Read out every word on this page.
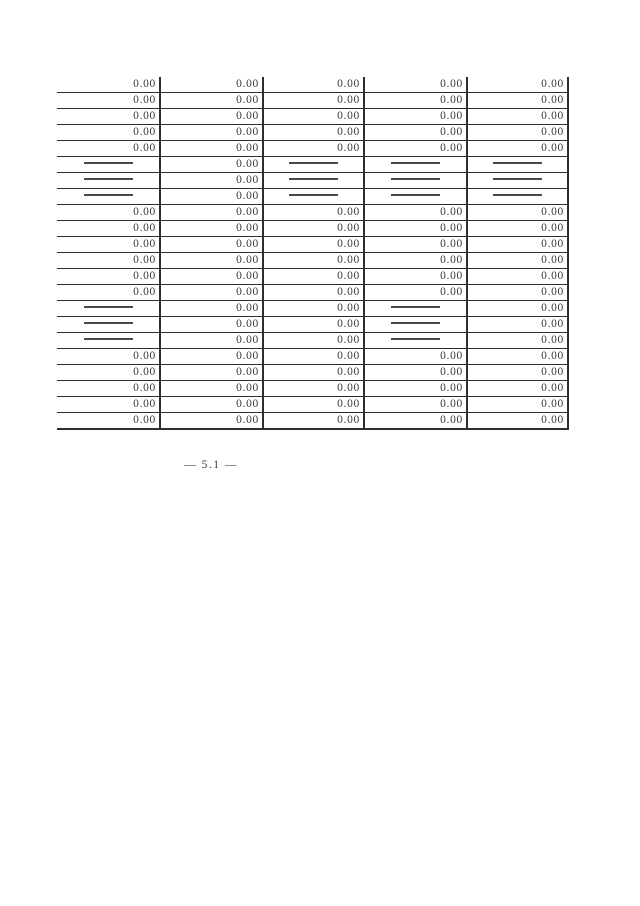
0.00	0.00	0.00	0.00	0.00
0.00	0.00	0.00	0.00	0.00
0.00	0.00	0.00	0.00	0.00
0.00	0.00	0.00	0.00	0.00
0.00	0.00	0.00	0.00	0.00
	0.00			
	0.00			
	0.00			
0.00	0.00	0.00	0.00	0.00
0.00	0.00	0.00	0.00	0.00
0.00	0.00	0.00	0.00	0.00
0.00	0.00	0.00	0.00	0.00
0.00	0.00	0.00	0.00	0.00
0.00	0.00	0.00	0.00	0.00
	0.00	0.00		0.00
	0.00	0.00		0.00
	0.00	0.00		0.00
0.00	0.00	0.00	0.00	0.00
0.00	0.00	0.00	0.00	0.00
0.00	0.00	0.00	0.00	0.00
0.00	0.00	0.00	0.00	0.00
0.00	0.00	0.00	0.00	0.00
— 5.1 —
